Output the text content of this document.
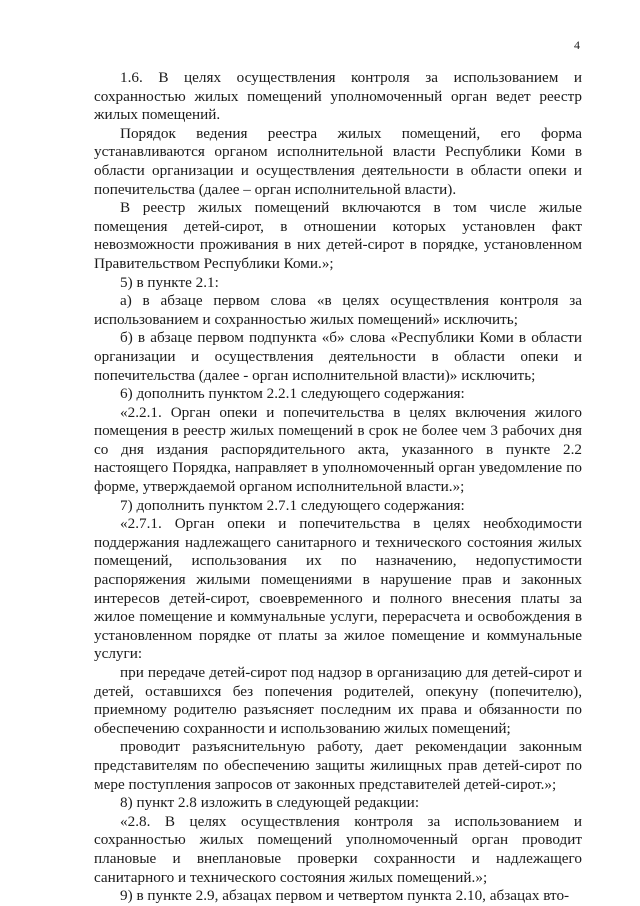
4

1.6. В целях осуществления контроля за использованием и сохранностью жилых помещений уполномоченный орган ведет реестр жилых помещений.

Порядок ведения реестра жилых помещений, его форма устанавливаются органом исполнительной власти Республики Коми в области организации и осуществления деятельности в области опеки и попечительства (далее – орган исполнительной власти).

В реестр жилых помещений включаются в том числе жилые помещения детей-сирот, в отношении которых установлен факт невозможности проживания в них детей-сирот в порядке, установленном Правительством Республики Коми.»;

5) в пункте 2.1:

а) в абзаце первом слова «в целях осуществления контроля за использованием и сохранностью жилых помещений» исключить;

б) в абзаце первом подпункта «б» слова «Республики Коми в области организации и осуществления деятельности в области опеки и попечительства (далее - орган исполнительной власти)» исключить;

6) дополнить пунктом 2.2.1 следующего содержания:

«2.2.1. Орган опеки и попечительства в целях включения жилого помещения в реестр жилых помещений в срок не более чем 3 рабочих дня со дня издания распорядительного акта, указанного в пункте 2.2 настоящего Порядка, направляет в уполномоченный орган уведомление по форме, утверждаемой органом исполнительной власти.»;

7) дополнить пунктом 2.7.1 следующего содержания:

«2.7.1. Орган опеки и попечительства в целях необходимости поддержания надлежащего санитарного и технического состояния жилых помещений, использования их по назначению, недопустимости распоряжения жилыми помещениями в нарушение прав и законных интересов детей-сирот, своевременного и полного внесения платы за жилое помещение и коммунальные услуги, перерасчета и освобождения в установленном порядке от платы за жилое помещение и коммунальные услуги:

при передаче детей-сирот под надзор в организацию для детей-сирот и детей, оставшихся без попечения родителей, опекуну (попечителю), приемному родителю разъясняет последним их права и обязанности по обеспечению сохранности и использованию жилых помещений;

проводит разъяснительную работу, дает рекомендации законным представителям по обеспечению защиты жилищных прав детей-сирот по мере поступления запросов от законных представителей детей-сирот.»;

8) пункт 2.8 изложить в следующей редакции:

«2.8. В целях осуществления контроля за использованием и сохранностью жилых помещений уполномоченный орган проводит плановые и внеплановые проверки сохранности и надлежащего санитарного и технического состояния жилых помещений.»;

9) в пункте 2.9, абзацах первом и четвертом пункта 2.10, абзацах вто-
